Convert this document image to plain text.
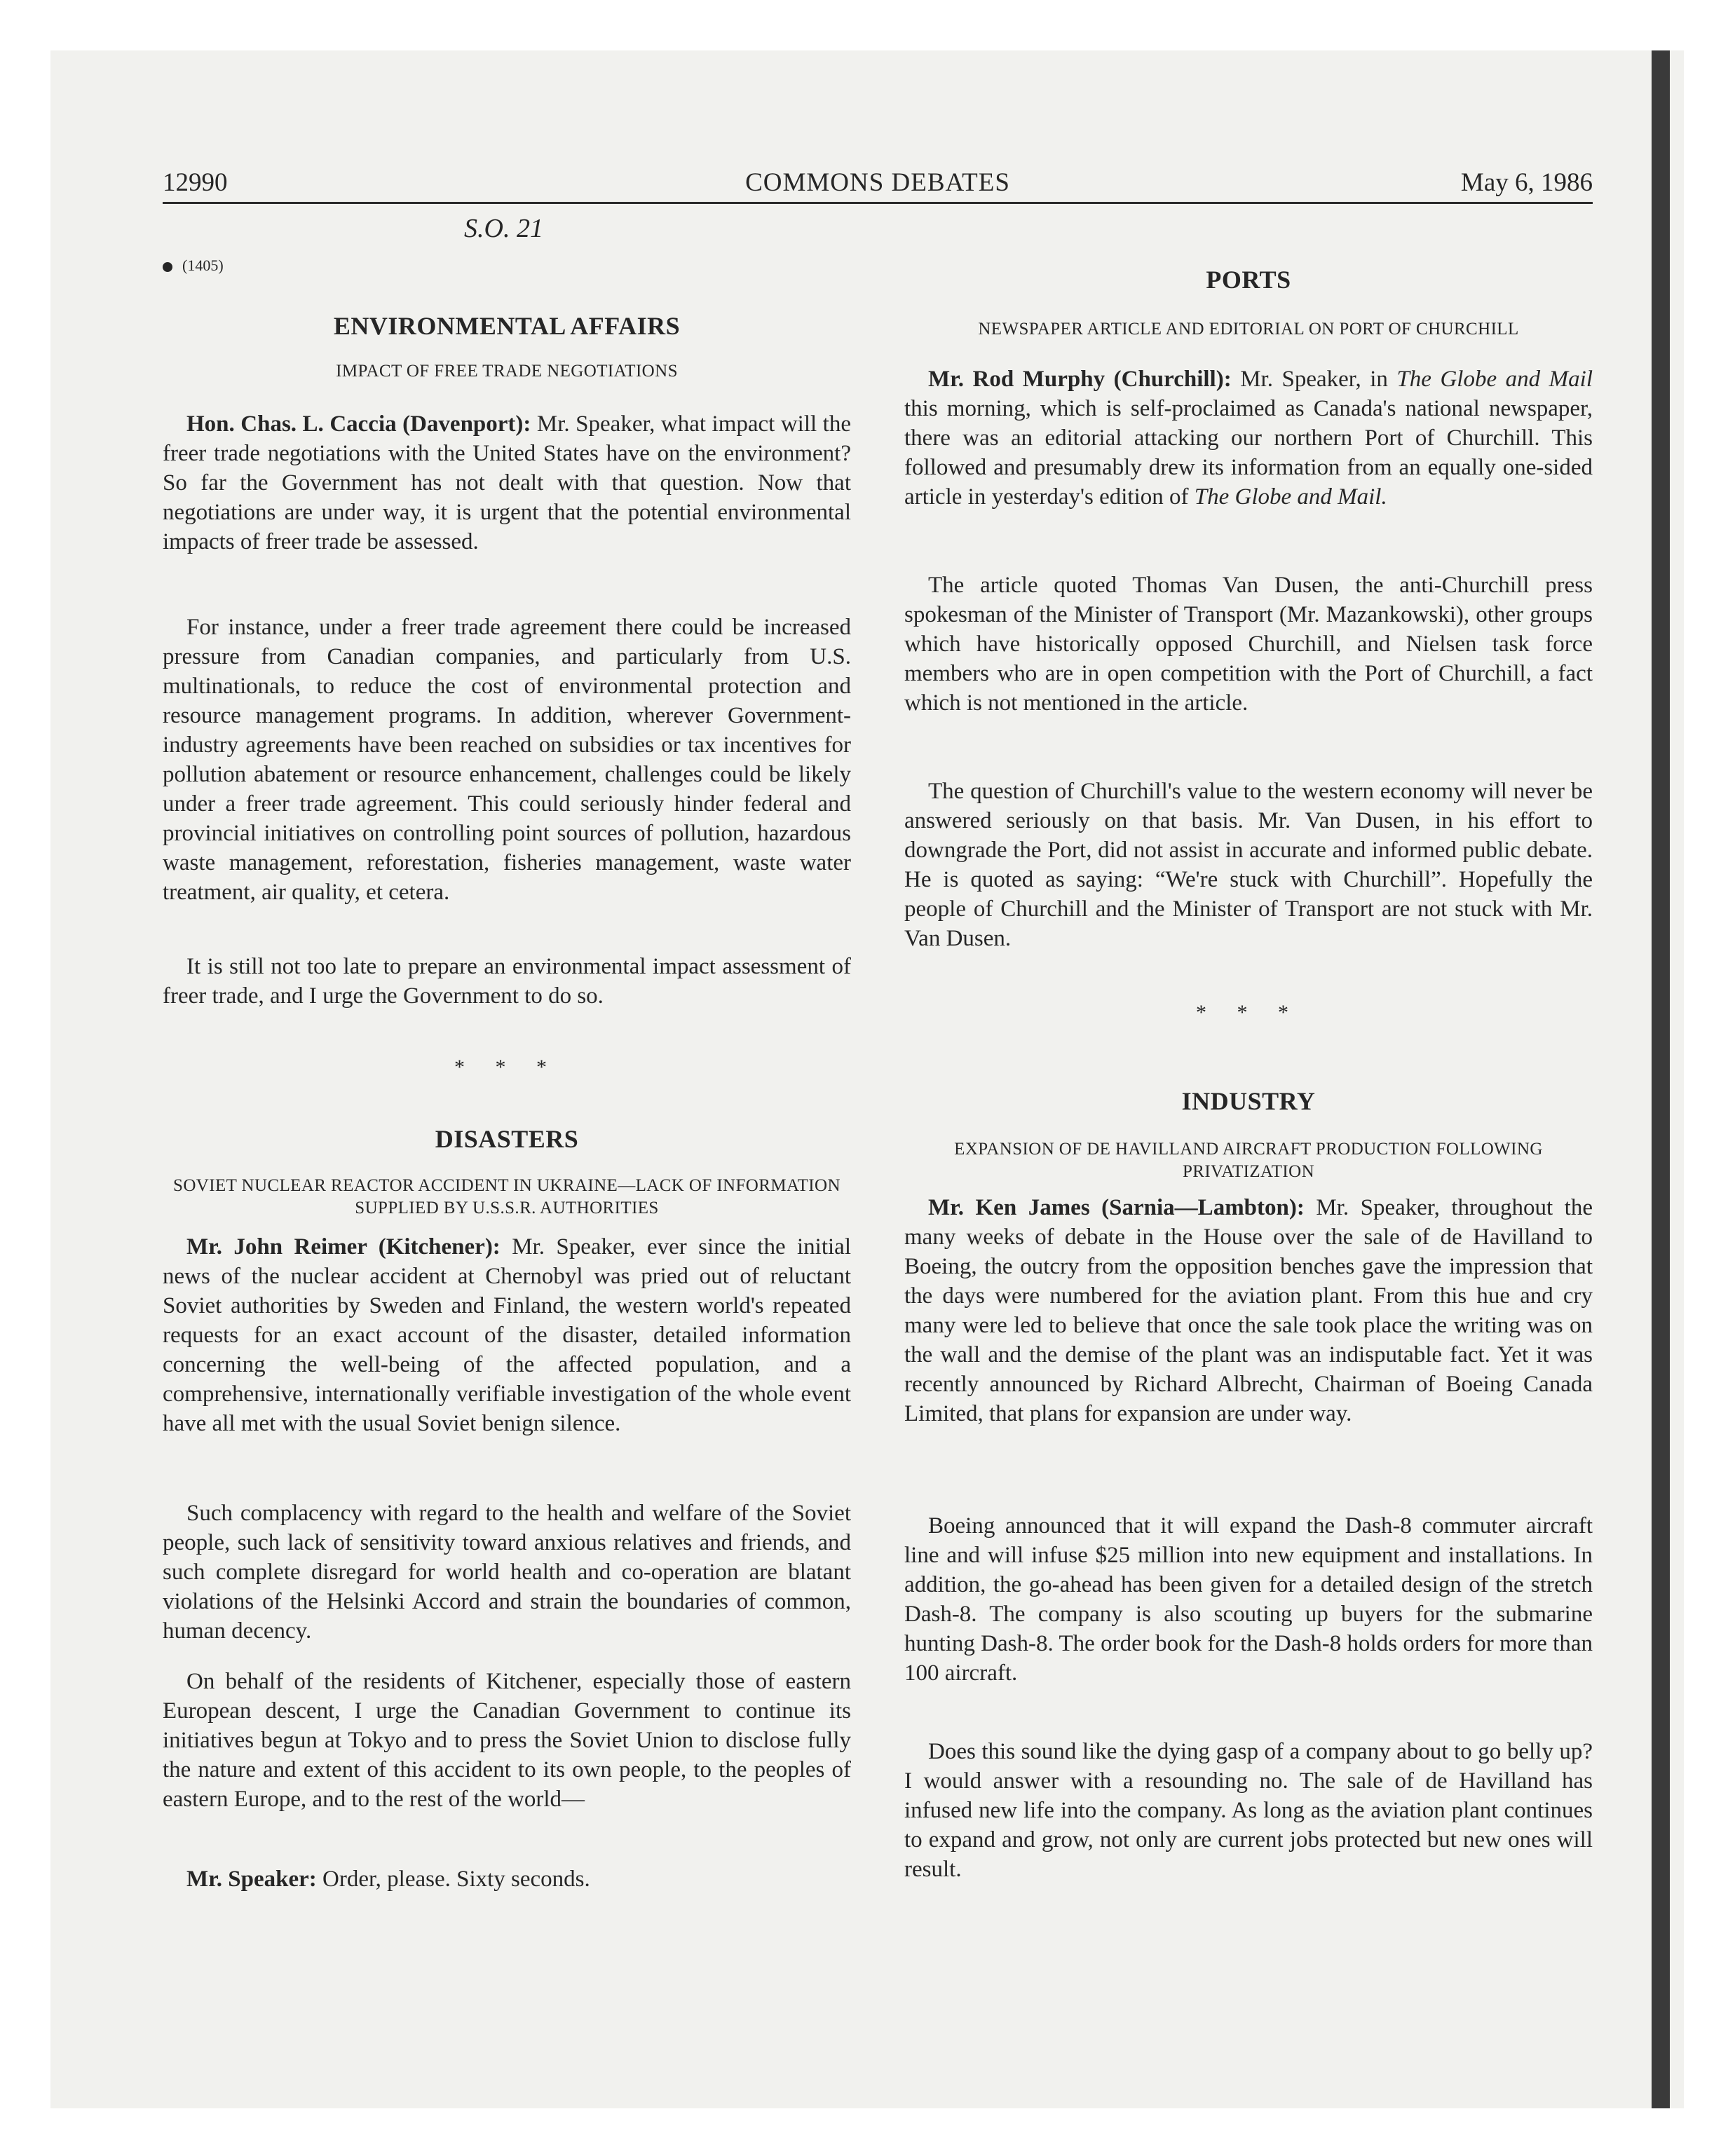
12990	COMMONS DEBATES	May 6, 1986
S.O. 21
(1405)
ENVIRONMENTAL AFFAIRS
IMPACT OF FREE TRADE NEGOTIATIONS
Hon. Chas. L. Caccia (Davenport): Mr. Speaker, what impact will the freer trade negotiations with the United States have on the environment? So far the Government has not dealt with that question. Now that negotiations are under way, it is urgent that the potential environmental impacts of freer trade be assessed.
For instance, under a freer trade agreement there could be increased pressure from Canadian companies, and particularly from U.S. multinationals, to reduce the cost of environmental protection and resource management programs. In addition, wherever Government-industry agreements have been reached on subsidies or tax incentives for pollution abatement or resource enhancement, challenges could be likely under a freer trade agreement. This could seriously hinder federal and provincial initiatives on controlling point sources of pollution, hazardous waste management, reforestation, fisheries management, waste water treatment, air quality, et cetera.
It is still not too late to prepare an environmental impact assessment of freer trade, and I urge the Government to do so.
* * *
DISASTERS
SOVIET NUCLEAR REACTOR ACCIDENT IN UKRAINE—LACK OF INFORMATION SUPPLIED BY U.S.S.R. AUTHORITIES
Mr. John Reimer (Kitchener): Mr. Speaker, ever since the initial news of the nuclear accident at Chernobyl was pried out of reluctant Soviet authorities by Sweden and Finland, the western world's repeated requests for an exact account of the disaster, detailed information concerning the well-being of the affected population, and a comprehensive, internationally verifiable investigation of the whole event have all met with the usual Soviet benign silence.
Such complacency with regard to the health and welfare of the Soviet people, such lack of sensitivity toward anxious relatives and friends, and such complete disregard for world health and co-operation are blatant violations of the Helsinki Accord and strain the boundaries of common, human decency.
On behalf of the residents of Kitchener, especially those of eastern European descent, I urge the Canadian Government to continue its initiatives begun at Tokyo and to press the Soviet Union to disclose fully the nature and extent of this accident to its own people, to the peoples of eastern Europe, and to the rest of the world—
Mr. Speaker: Order, please. Sixty seconds.
PORTS
NEWSPAPER ARTICLE AND EDITORIAL ON PORT OF CHURCHILL
Mr. Rod Murphy (Churchill): Mr. Speaker, in The Globe and Mail this morning, which is self-proclaimed as Canada's national newspaper, there was an editorial attacking our northern Port of Churchill. This followed and presumably drew its information from an equally one-sided article in yesterday's edition of The Globe and Mail.
The article quoted Thomas Van Dusen, the anti-Churchill press spokesman of the Minister of Transport (Mr. Mazankowski), other groups which have historically opposed Churchill, and Nielsen task force members who are in open competition with the Port of Churchill, a fact which is not mentioned in the article.
The question of Churchill's value to the western economy will never be answered seriously on that basis. Mr. Van Dusen, in his effort to downgrade the Port, did not assist in accurate and informed public debate. He is quoted as saying: “We're stuck with Churchill”. Hopefully the people of Churchill and the Minister of Transport are not stuck with Mr. Van Dusen.
* * *
INDUSTRY
EXPANSION OF DE HAVILLAND AIRCRAFT PRODUCTION FOLLOWING PRIVATIZATION
Mr. Ken James (Sarnia—Lambton): Mr. Speaker, throughout the many weeks of debate in the House over the sale of de Havilland to Boeing, the outcry from the opposition benches gave the impression that the days were numbered for the aviation plant. From this hue and cry many were led to believe that once the sale took place the writing was on the wall and the demise of the plant was an indisputable fact. Yet it was recently announced by Richard Albrecht, Chairman of Boeing Canada Limited, that plans for expansion are under way.
Boeing announced that it will expand the Dash-8 commuter aircraft line and will infuse $25 million into new equipment and installations. In addition, the go-ahead has been given for a detailed design of the stretch Dash-8. The company is also scouting up buyers for the submarine hunting Dash-8. The order book for the Dash-8 holds orders for more than 100 aircraft.
Does this sound like the dying gasp of a company about to go belly up? I would answer with a resounding no. The sale of de Havilland has infused new life into the company. As long as the aviation plant continues to expand and grow, not only are current jobs protected but new ones will result.
